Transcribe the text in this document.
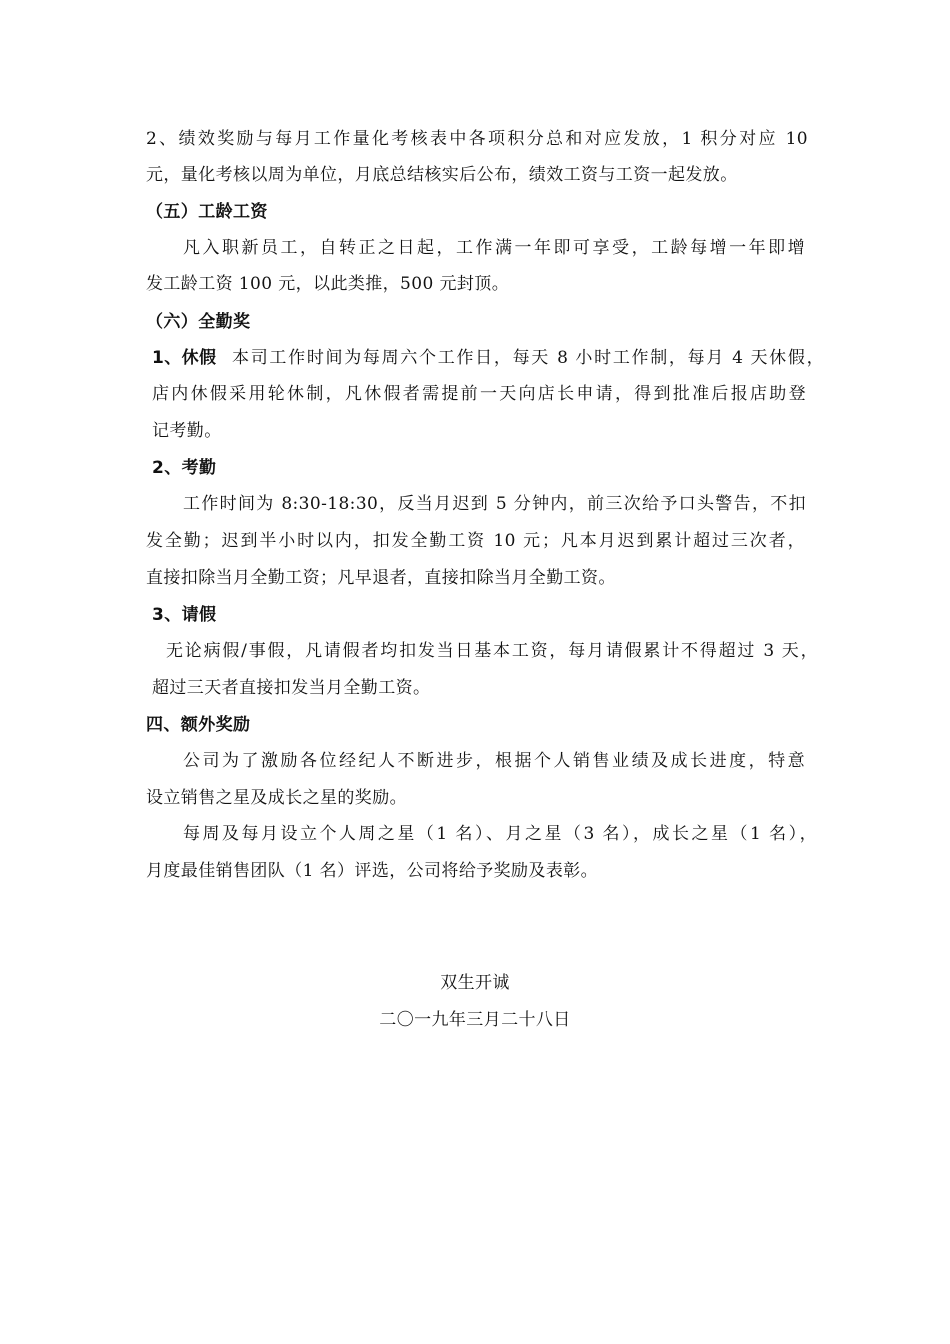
2、绩效奖励与每月工作量化考核表中各项积分总和对应发放，1 积分对应 10
元，量化考核以周为单位，月底总结核实后公布，绩效工资与工资一起发放。
（五）工龄工资
凡入职新员工，自转正之日起，工作满一年即可享受，工龄每增一年即增
发工龄工资 100 元，以此类推，500 元封顶。
（六）全勤奖
1、休假 本司工作时间为每周六个工作日，每天 8 小时工作制，每月 4 天休假，
店内休假采用轮休制，凡休假者需提前一天向店长申请，得到批准后报店助登
记考勤。
2、考勤
工作时间为 8:30-18:30，反当月迟到 5 分钟内，前三次给予口头警告，不扣
发全勤；迟到半小时以内，扣发全勤工资 10 元；凡本月迟到累计超过三次者，
直接扣除当月全勤工资；凡早退者，直接扣除当月全勤工资。
3、请假
无论病假/事假，凡请假者均扣发当日基本工资，每月请假累计不得超过 3 天，
超过三天者直接扣发当月全勤工资。
四、额外奖励
公司为了激励各位经纪人不断进步，根据个人销售业绩及成长进度，特意
设立销售之星及成长之星的奖励。
每周及每月设立个人周之星（1 名）、月之星（3 名），成长之星（1 名），
月度最佳销售团队（1 名）评选，公司将给予奖励及表彰。
双生开诚
二〇一九年三月二十八日
